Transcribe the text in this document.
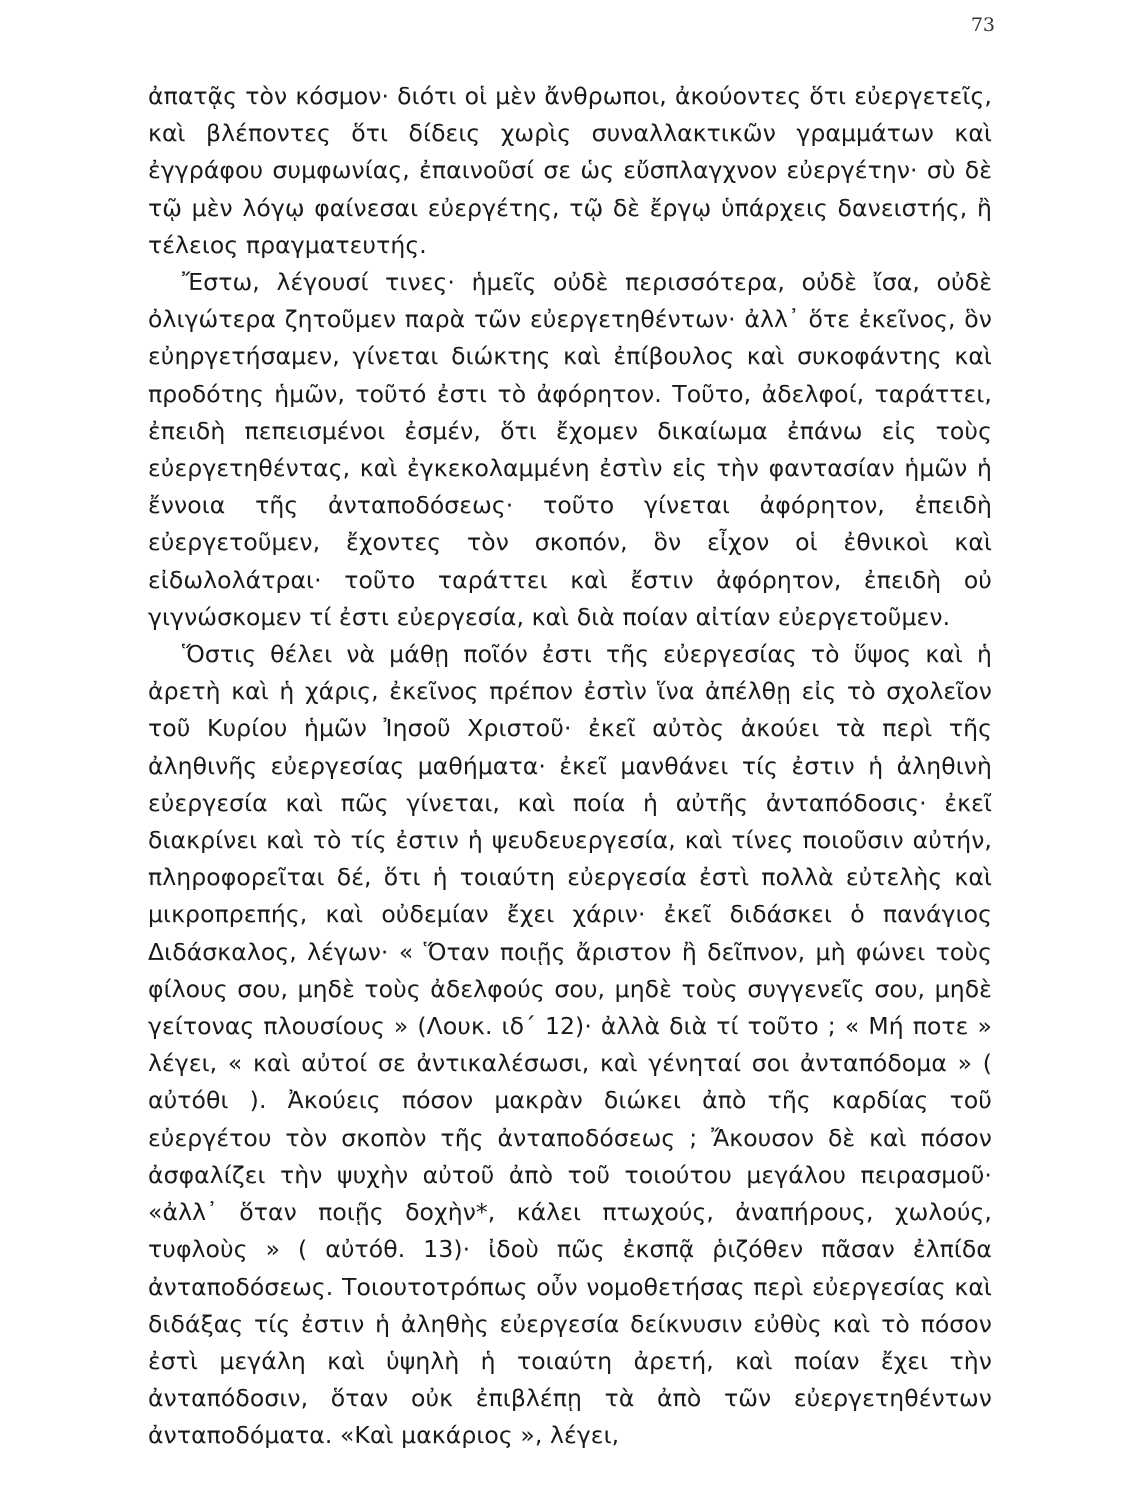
73

ἀπατᾷς τὸν κόσμον· διότι οἱ μὲν ἄνθρωποι, ἀκούοντες ὅτι εὐεργετεῖς, καὶ βλέποντες ὅτι δίδεις χωρὶς συναλλακτικῶν γραμμάτων καὶ ἐγγράφου συμφωνίας, ἐπαινοῦσί σε ὡς εὔσπλαγχνον εὐεργέτην· σὺ δὲ τῷ μὲν λόγῳ φαίνεσαι εὐεργέτης, τῷ δὲ ἔργῳ ὑπάρχεις δανειστής, ἢ τέλειος πραγματευτής.

Ἔστω, λέγουσί τινες· ἡμεῖς οὐδὲ περισσότερα, οὐδὲ ἴσα, οὐδὲ ὀλιγώτερα ζητοῦμεν παρὰ τῶν εὐεργετηθέντων· ἀλλ᾽ ὅτε ἐκεῖνος, ὃν εὐηργετήσαμεν, γίνεται διώκτης καὶ ἐπίβουλος καὶ συκοφάντης καὶ προδότης ἡμῶν, τοῦτό ἐστι τὸ ἀφόρητον. Τοῦτο, ἀδελφοί, ταράττει, ἐπειδὴ πεπεισμένοι ἐσμέν, ὅτι ἔχομεν δικαίωμα ἐπάνω εἰς τοὺς εὐεργετηθέντας, καὶ ἐγκεκολαμμένη ἐστὶν εἰς τὴν φαντασίαν ἡμῶν ἡ ἔννοια τῆς ἀνταποδόσεως· τοῦτο γίνεται ἀφόρητον, ἐπειδὴ εὐεργετοῦμεν, ἔχοντες τὸν σκοπόν, ὃν εἶχον οἱ ἐθνικοὶ καὶ εἰδωλολάτραι· τοῦτο ταράττει καὶ ἔστιν ἀφόρητον, ἐπειδὴ οὐ γιγνώσκομεν τί ἐστι εὐεργεσία, καὶ διὰ ποίαν αἰτίαν εὐεργετοῦμεν.

Ὅστις θέλει νὰ μάθῃ ποῖόν ἐστι τῆς εὐεργεσίας τὸ ὕψος καὶ ἡ ἀρετὴ καὶ ἡ χάρις, ἐκεῖνος πρέπον ἐστὶν ἵνα ἀπέλθῃ εἰς τὸ σχολεῖον τοῦ Κυρίου ἡμῶν Ἰησοῦ Χριστοῦ· ἐκεῖ αὐτὸς ἀκούει τὰ περὶ τῆς ἀληθινῆς εὐεργεσίας μαθήματα· ἐκεῖ μανθάνει τίς ἐστιν ἡ ἀληθινὴ εὐεργεσία καὶ πῶς γίνεται, καὶ ποία ἡ αὐτῆς ἀνταπόδοσις· ἐκεῖ διακρίνει καὶ τὸ τίς ἐστιν ἡ ψευδευεργεσία, καὶ τίνες ποιοῦσιν αὐτήν, πληροφορεῖται δέ, ὅτι ἡ τοιαύτη εὐεργεσία ἐστὶ πολλὰ εὐτελὴς καὶ μικροπρεπής, καὶ οὐδεμίαν ἔχει χάριν· ἐκεῖ διδάσκει ὁ πανάγιος Διδάσκαλος, λέγων· « Ὅταν ποιῇς ἄριστον ἢ δεῖπνον, μὴ φώνει τοὺς φίλους σου, μηδὲ τοὺς ἀδελφούς σου, μηδὲ τοὺς συγγενεῖς σου, μηδὲ γείτονας πλουσίους » (Λουκ. ιδ΄ 12)· ἀλλὰ διὰ τί τοῦτο ; « Μή ποτε » λέγει, « καὶ αὐτοί σε ἀντικαλέσωσι, καὶ γένηταί σοι ἀνταπόδομα » ( αὐτόθι ). Ἀκούεις πόσον μακρὰν διώκει ἀπὸ τῆς καρδίας τοῦ εὐεργέτου τὸν σκοπὸν τῆς ἀνταποδόσεως ; Ἄκουσον δὲ καὶ πόσον ἀσφαλίζει τὴν ψυχὴν αὐτοῦ ἀπὸ τοῦ τοιούτου μεγάλου πειρασμοῦ· «ἀλλ᾽ ὅταν ποιῇς δοχὴν*, κάλει πτωχούς, ἀναπήρους, χωλούς, τυφλοὺς » ( αὐτόθ. 13)· ἰδοὺ πῶς ἐκσπᾷ ῥιζόθεν πᾶσαν ἐλπίδα ἀνταποδόσεως. Τοιουτοτρόπως οὖν νομοθετήσας περὶ εὐεργεσίας καὶ διδάξας τίς ἐστιν ἡ ἀληθὴς εὐεργεσία δείκνυσιν εὐθὺς καὶ τὸ πόσον ἐστὶ μεγάλη καὶ ὑψηλὴ ἡ τοιαύτη ἀρετή, καὶ ποίαν ἔχει τὴν ἀνταπόδοσιν, ὅταν οὐκ ἐπιβλέπῃ τὰ ἀπὸ τῶν εὐεργετηθέντων ἀνταποδόματα. «Καὶ μακάριος », λέγει,
